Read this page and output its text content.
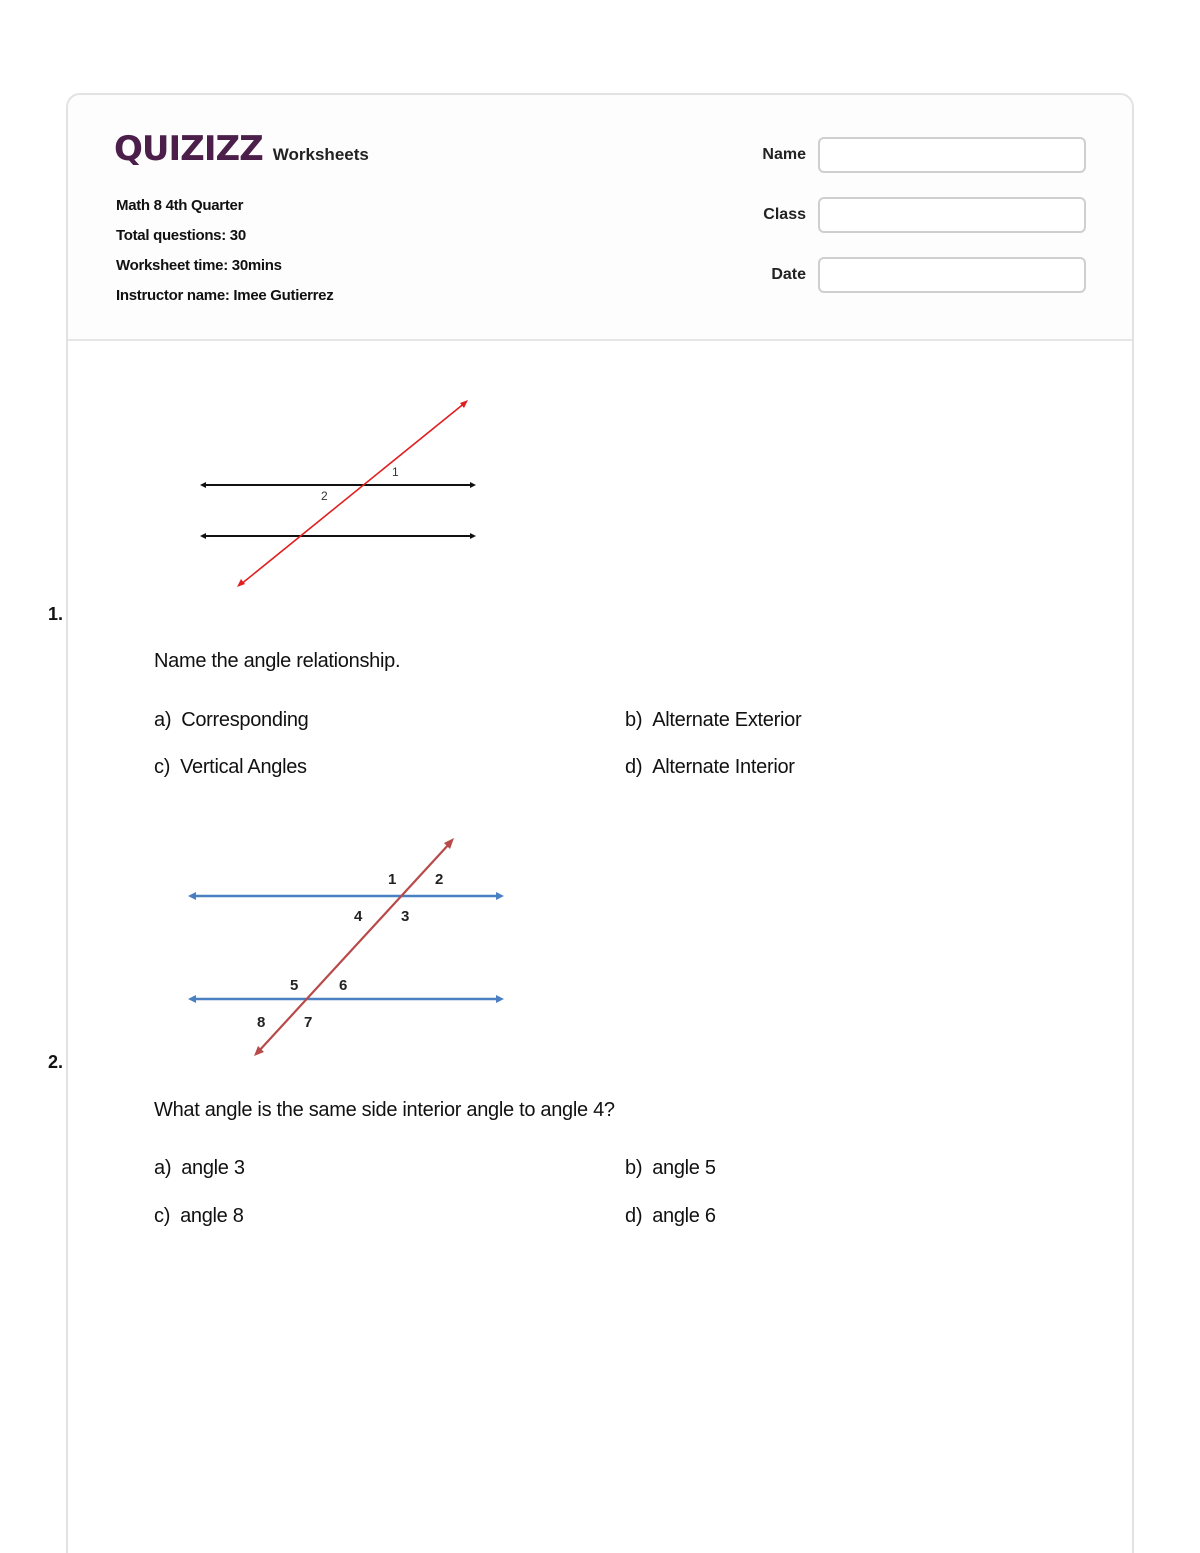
QUIZIZZ Worksheets
Math 8 4th Quarter
Total questions: 30
Worksheet time: 30mins
Instructor name: Imee Gutierrez
Name
Class
Date
1
2
1.
Name the angle relationship.
a) Corresponding	b) Alternate Exterior
c) Vertical Angles	d) Alternate Interior
1	2
4	3
5	6
8	7
2.
What angle is the same side interior angle to angle 4?
a) angle 3	b) angle 5
c) angle 8	d) angle 6
